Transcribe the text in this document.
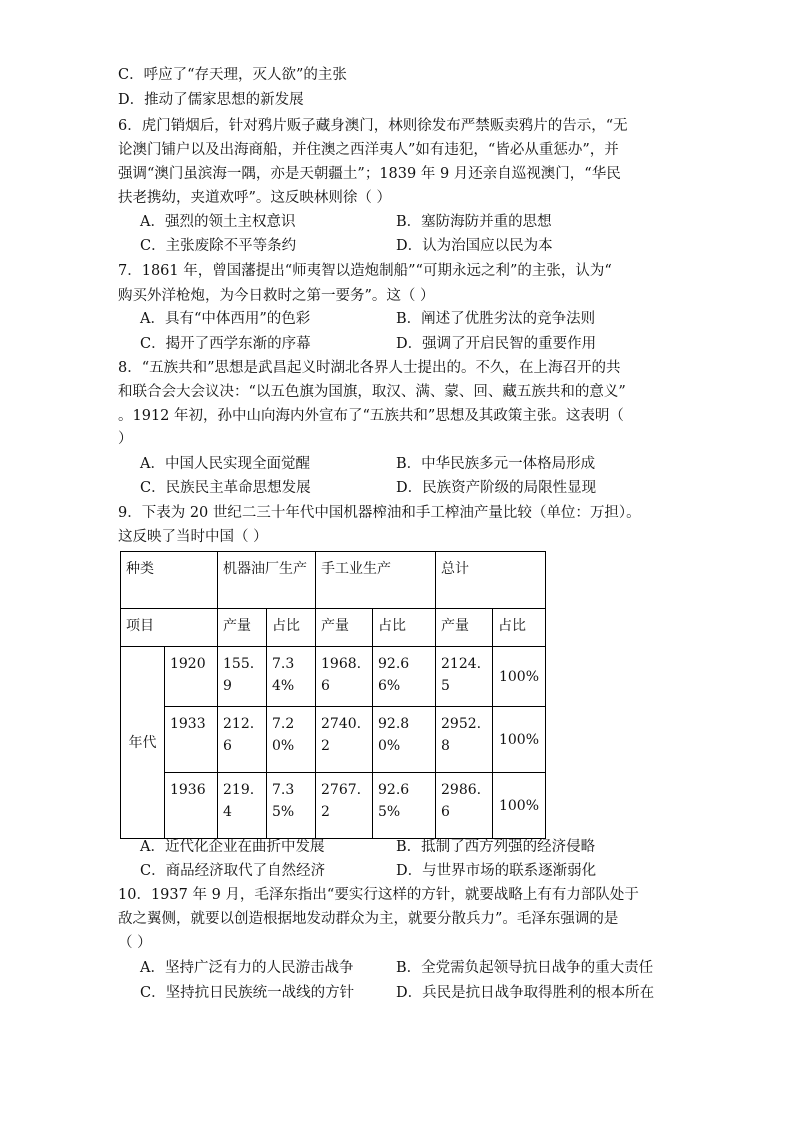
C．呼应了“存天理，灭人欲”的主张
D．推动了儒家思想的新发展
6．虎门销烟后，针对鸦片贩子藏身澳门，林则徐发布严禁贩卖鸦片的告示，“无
论澳门铺户以及出海商船，并住澳之西洋夷人”如有违犯，“皆必从重惩办”，并
强调“澳门虽滨海一隅，亦是天朝疆土”；1839 年 9 月还亲自巡视澳门，“华民
扶老携幼，夹道欢呼”。这反映林则徐（ ）
A．强烈的领土主权意识	B．塞防海防并重的思想
C．主张废除不平等条约	D．认为治国应以民为本
7．1861 年，曾国藩提出“师夷智以造炮制船”“可期永远之利”的主张，认为“
购买外洋枪炮，为今日救时之第一要务”。这（ ）
A．具有“中体西用”的色彩	B．阐述了优胜劣汰的竞争法则
C．揭开了西学东渐的序幕	D．强调了开启民智的重要作用
8．“五族共和”思想是武昌起义时湖北各界人士提出的。不久，在上海召开的共
和联合会大会议决：“以五色旗为国旗，取汉、满、蒙、回、藏五族共和的意义”
。1912 年初，孙中山向海内外宣布了“五族共和”思想及其政策主张。这表明（
）
A．中国人民实现全面觉醒	B．中华民族多元一体格局形成
C．民族民主革命思想发展	D．民族资产阶级的局限性显现
9．下表为 20 世纪二三十年代中国机器榨油和手工榨油产量比较（单位：万担）。
这反映了当时中国（ ）
种类		机器油厂生产		手工业生产		总计	
项目		产量	占比	产量	占比	产量	占比
年代	1920	155.9	7.34%	1968.6	92.66%	2124.5	100%
	1933	212.6	7.20%	2740.2	92.80%	2952.8	100%
	1936	219.4	7.35%	2767.2	92.65%	2986.6	100%
A．近代化企业在曲折中发展	B．抵制了西方列强的经济侵略
C．商品经济取代了自然经济	D．与世界市场的联系逐渐弱化
10．1937 年 9 月，毛泽东指出“要实行这样的方针，就要战略上有有力部队处于
敌之翼侧，就要以创造根据地发动群众为主，就要分散兵力”。毛泽东强调的是
（ ）
A．坚持广泛有力的人民游击战争	B．全党需负起领导抗日战争的重大责任
C．坚持抗日民族统一战线的方针	D．兵民是抗日战争取得胜利的根本所在
